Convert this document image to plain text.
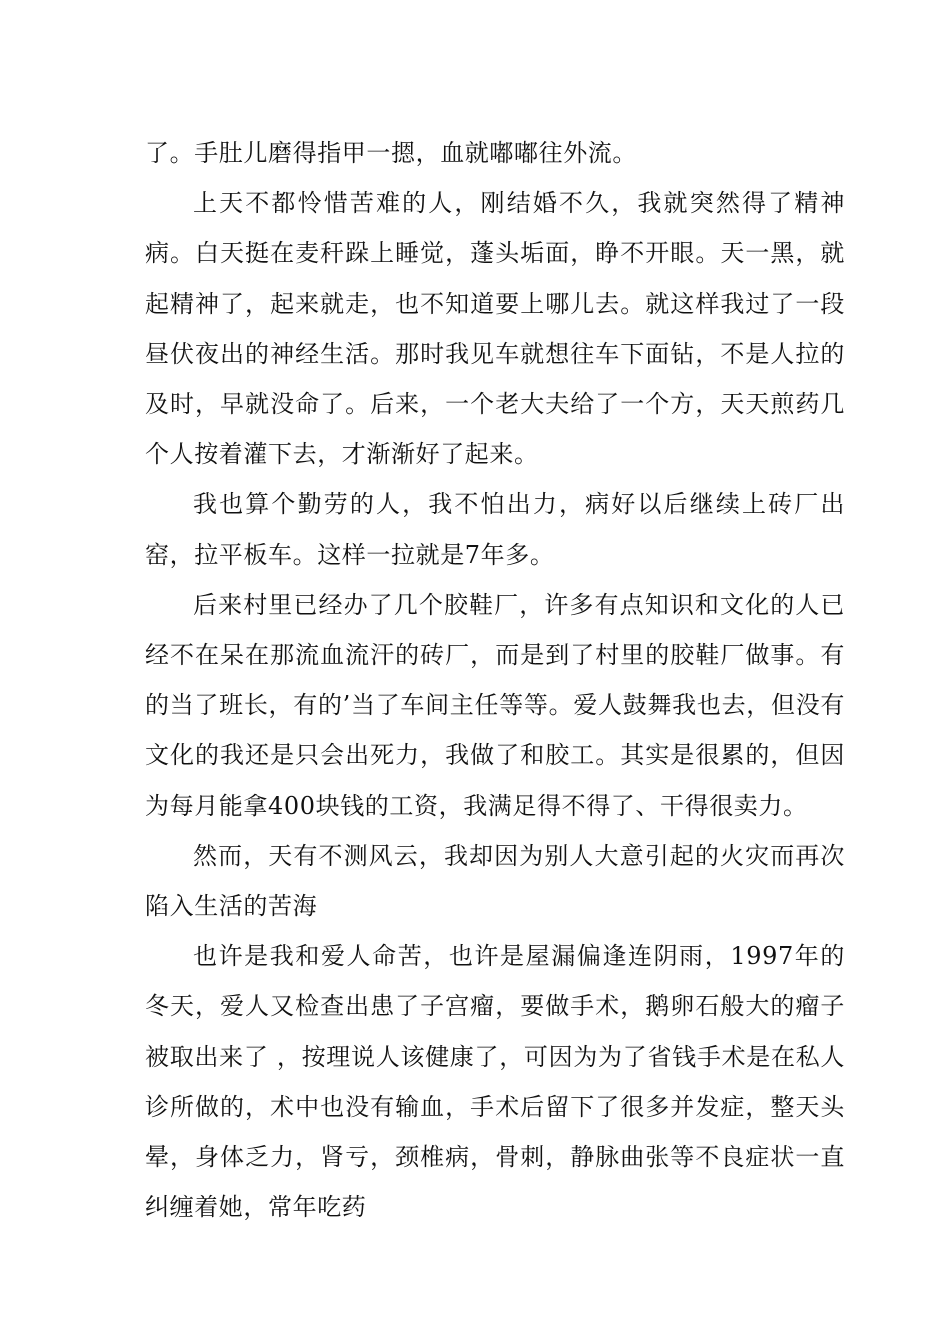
了。手肚儿磨得指甲一摁，血就嘟嘟往外流。

上天不都怜惜苦难的人，刚结婚不久，我就突然得了精神病。白天挺在麦秆跺上睡觉，蓬头垢面，睁不开眼。天一黑，就起精神了，起来就走，也不知道要上哪儿去。就这样我过了一段昼伏夜出的神经生活。那时我见车就想往车下面钻，不是人拉的及时，早就没命了。后来，一个老大夫给了一个方，天天煎药几个人按着灌下去，才渐渐好了起来。

我也算个勤劳的人，我不怕出力，病好以后继续上砖厂出窑，拉平板车。这样一拉就是7年多。

后来村里已经办了几个胶鞋厂，许多有点知识和文化的人已经不在呆在那流血流汗的砖厂，而是到了村里的胶鞋厂做事。有的当了班长，有的’当了车间主任等等。爱人鼓舞我也去，但没有文化的我还是只会出死力，我做了和胶工。其实是很累的，但因为每月能拿400块钱的工资，我满足得不得了、干得很卖力。

然而，天有不测风云，我却因为别人大意引起的火灾而再次陷入生活的苦海

也许是我和爱人命苦，也许是屋漏偏逢连阴雨，1997年的冬天，爱人又检查出患了子宫瘤，要做手术，鹅卵石般大的瘤子被取出来了 ，按理说人该健康了，可因为为了省钱手术是在私人诊所做的，术中也没有输血，手术后留下了很多并发症，整天头晕，身体乏力，肾亏，颈椎病，骨刺，静脉曲张等不良症状一直纠缠着她，常年吃药
